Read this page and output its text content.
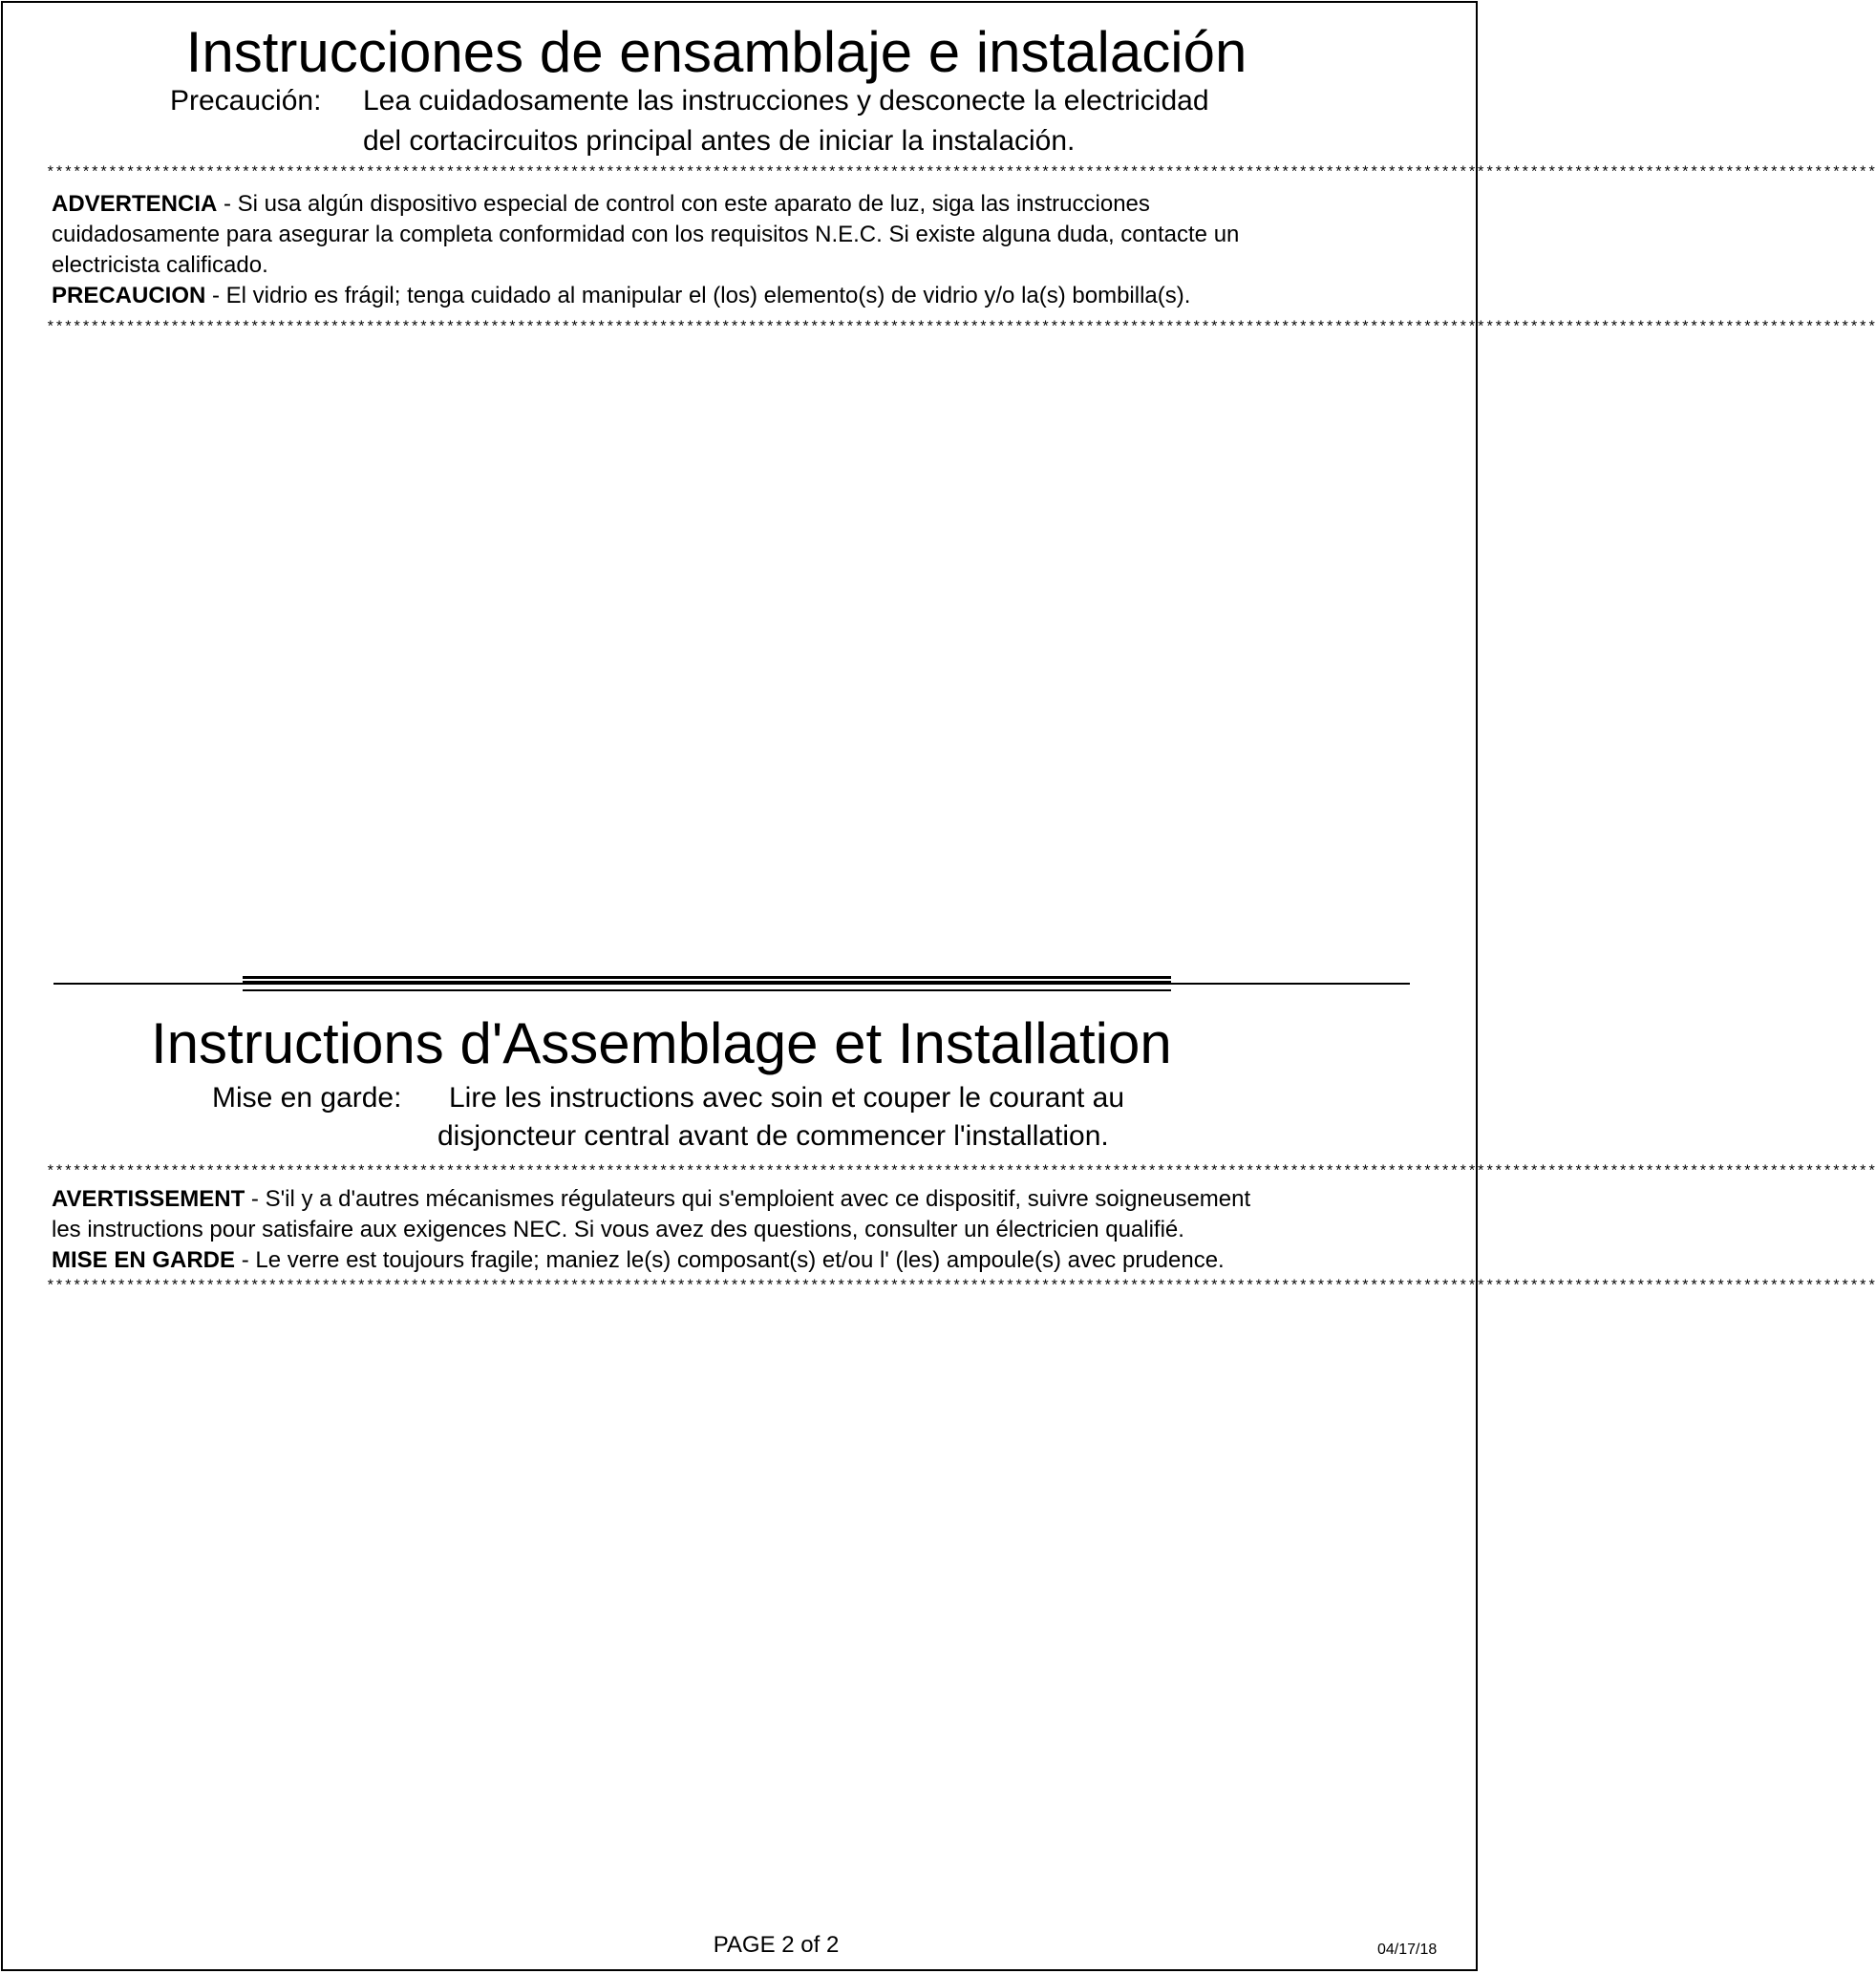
Instrucciones de ensamblaje e instalación
Precaución: Lea cuidadosamente las instrucciones y desconecte la electricidad
del cortacircuitos principal antes de iniciar la instalación.
**************************************************************************************************************************************************************************************************************
ADVERTENCIA - Si usa algún dispositivo especial de control con este aparato de luz, siga las instrucciones
cuidadosamente para asegurar la completa conformidad con los requisitos N.E.C. Si existe alguna duda, contacte un
electricista calificado.
PRECAUCION - El vidrio es frágil; tenga cuidado al manipular el (los) elemento(s) de vidrio y/o la(s) bombilla(s).
**************************************************************************************************************************************************************************************************************
Instructions d'Assemblage et Installation
Mise en garde: Lire les instructions avec soin et couper le courant au
disjoncteur central avant de commencer l'installation.
**************************************************************************************************************************************************************************************************************
AVERTISSEMENT - S'il y a d'autres mécanismes régulateurs qui s'emploient avec ce dispositif, suivre soigneusement
les instructions pour satisfaire aux exigences NEC. Si vous avez des questions, consulter un électricien qualifié.
MISE EN GARDE - Le verre est toujours fragile; maniez le(s) composant(s) et/ou l' (les) ampoule(s) avec prudence.
**************************************************************************************************************************************************************************************************************
PAGE 2 of 2	04/17/18
